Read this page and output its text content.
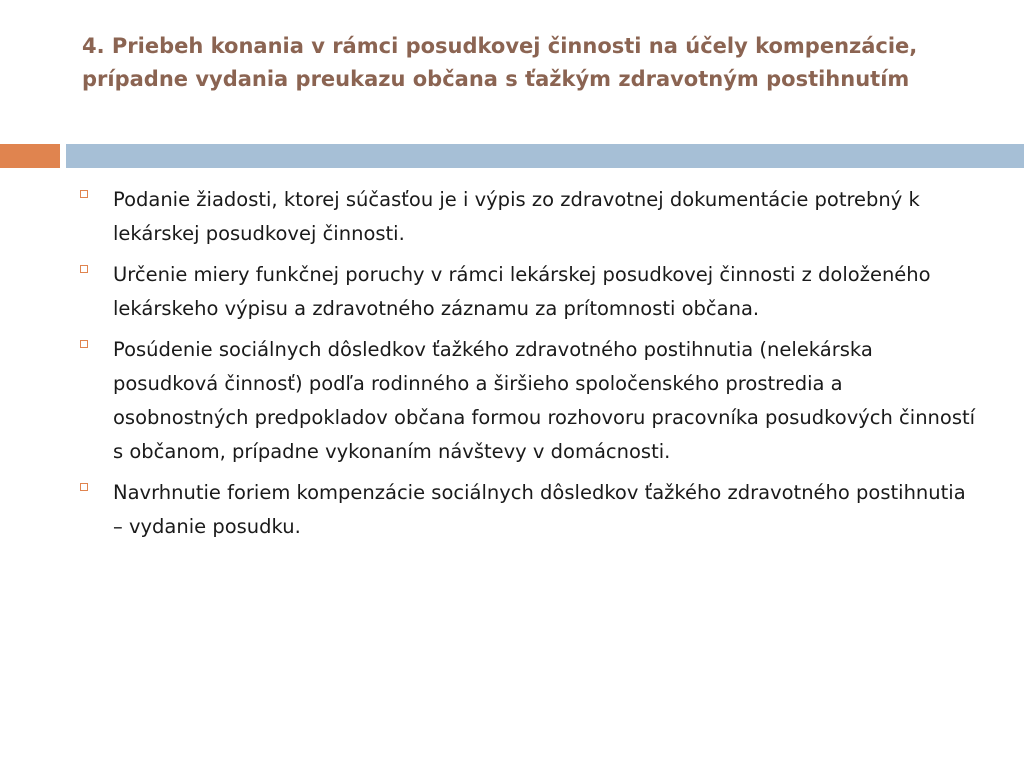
4. Priebeh konania v rámci posudkovej činnosti na účely kompenzácie, prípadne vydania preukazu občana s ťažkým zdravotným postihnutím
Podanie žiadosti, ktorej súčasťou je i výpis zo zdravotnej dokumentácie potrebný k lekárskej posudkovej činnosti.
Určenie miery funkčnej poruchy v rámci lekárskej posudkovej činnosti z doloženého lekárskeho výpisu a zdravotného záznamu za prítomnosti občana.
Posúdenie sociálnych dôsledkov ťažkého zdravotného postihnutia (nelekárska posudková činnosť) podľa rodinného a širšieho spoločenského prostredia a osobnostných predpokladov občana formou rozhovoru pracovníka posudkových činností s občanom, prípadne vykonaním návštevy v domácnosti.
Navrhnutie foriem kompenzácie sociálnych dôsledkov ťažkého zdravotného postihnutia – vydanie posudku.
